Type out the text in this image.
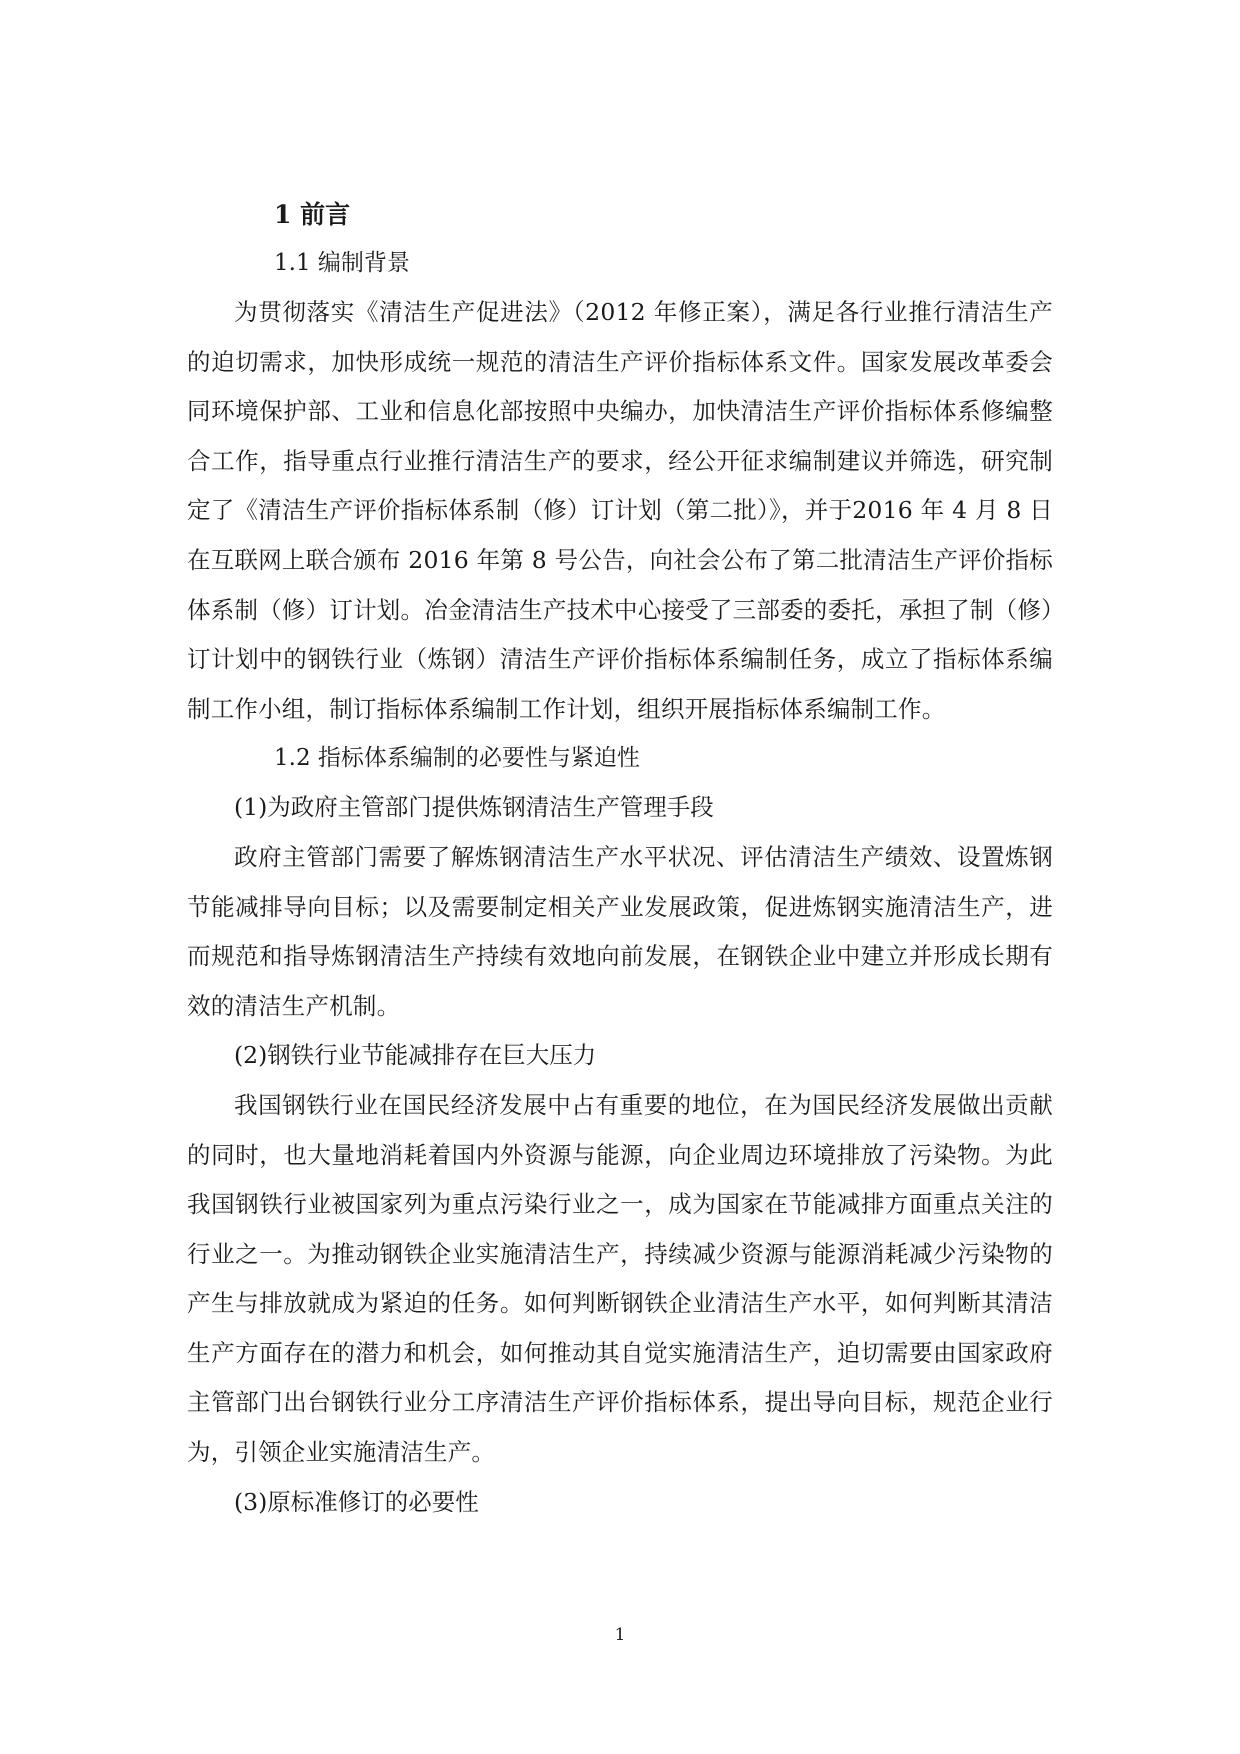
1 前言

1.1 编制背景

为贯彻落实《清洁生产促进法》（2012 年修正案），满足各行业推行清洁生产的迫切需求，加快形成统一规范的清洁生产评价指标体系文件。国家发展改革委会同环境保护部、工业和信息化部按照中央编办，加快清洁生产评价指标体系修编整合工作，指导重点行业推行清洁生产的要求，经公开征求编制建议并筛选，研究制定了《清洁生产评价指标体系制（修）订计划（第二批）》，并于2016 年 4 月 8 日在互联网上联合颁布 2016 年第 8 号公告，向社会公布了第二批清洁生产评价指标体系制（修）订计划。冶金清洁生产技术中心接受了三部委的委托，承担了制（修）订计划中的钢铁行业（炼钢）清洁生产评价指标体系编制任务，成立了指标体系编制工作小组，制订指标体系编制工作计划，组织开展指标体系编制工作。

1.2 指标体系编制的必要性与紧迫性

(1)为政府主管部门提供炼钢清洁生产管理手段

政府主管部门需要了解炼钢清洁生产水平状况、评估清洁生产绩效、设置炼钢节能减排导向目标；以及需要制定相关产业发展政策，促进炼钢实施清洁生产，进而规范和指导炼钢清洁生产持续有效地向前发展，在钢铁企业中建立并形成长期有效的清洁生产机制。

(2)钢铁行业节能减排存在巨大压力

我国钢铁行业在国民经济发展中占有重要的地位，在为国民经济发展做出贡献的同时，也大量地消耗着国内外资源与能源，向企业周边环境排放了污染物。为此我国钢铁行业被国家列为重点污染行业之一，成为国家在节能减排方面重点关注的行业之一。为推动钢铁企业实施清洁生产，持续减少资源与能源消耗减少污染物的产生与排放就成为紧迫的任务。如何判断钢铁企业清洁生产水平，如何判断其清洁生产方面存在的潜力和机会，如何推动其自觉实施清洁生产，迫切需要由国家政府主管部门出台钢铁行业分工序清洁生产评价指标体系，提出导向目标，规范企业行为，引领企业实施清洁生产。

(3)原标准修订的必要性

1
